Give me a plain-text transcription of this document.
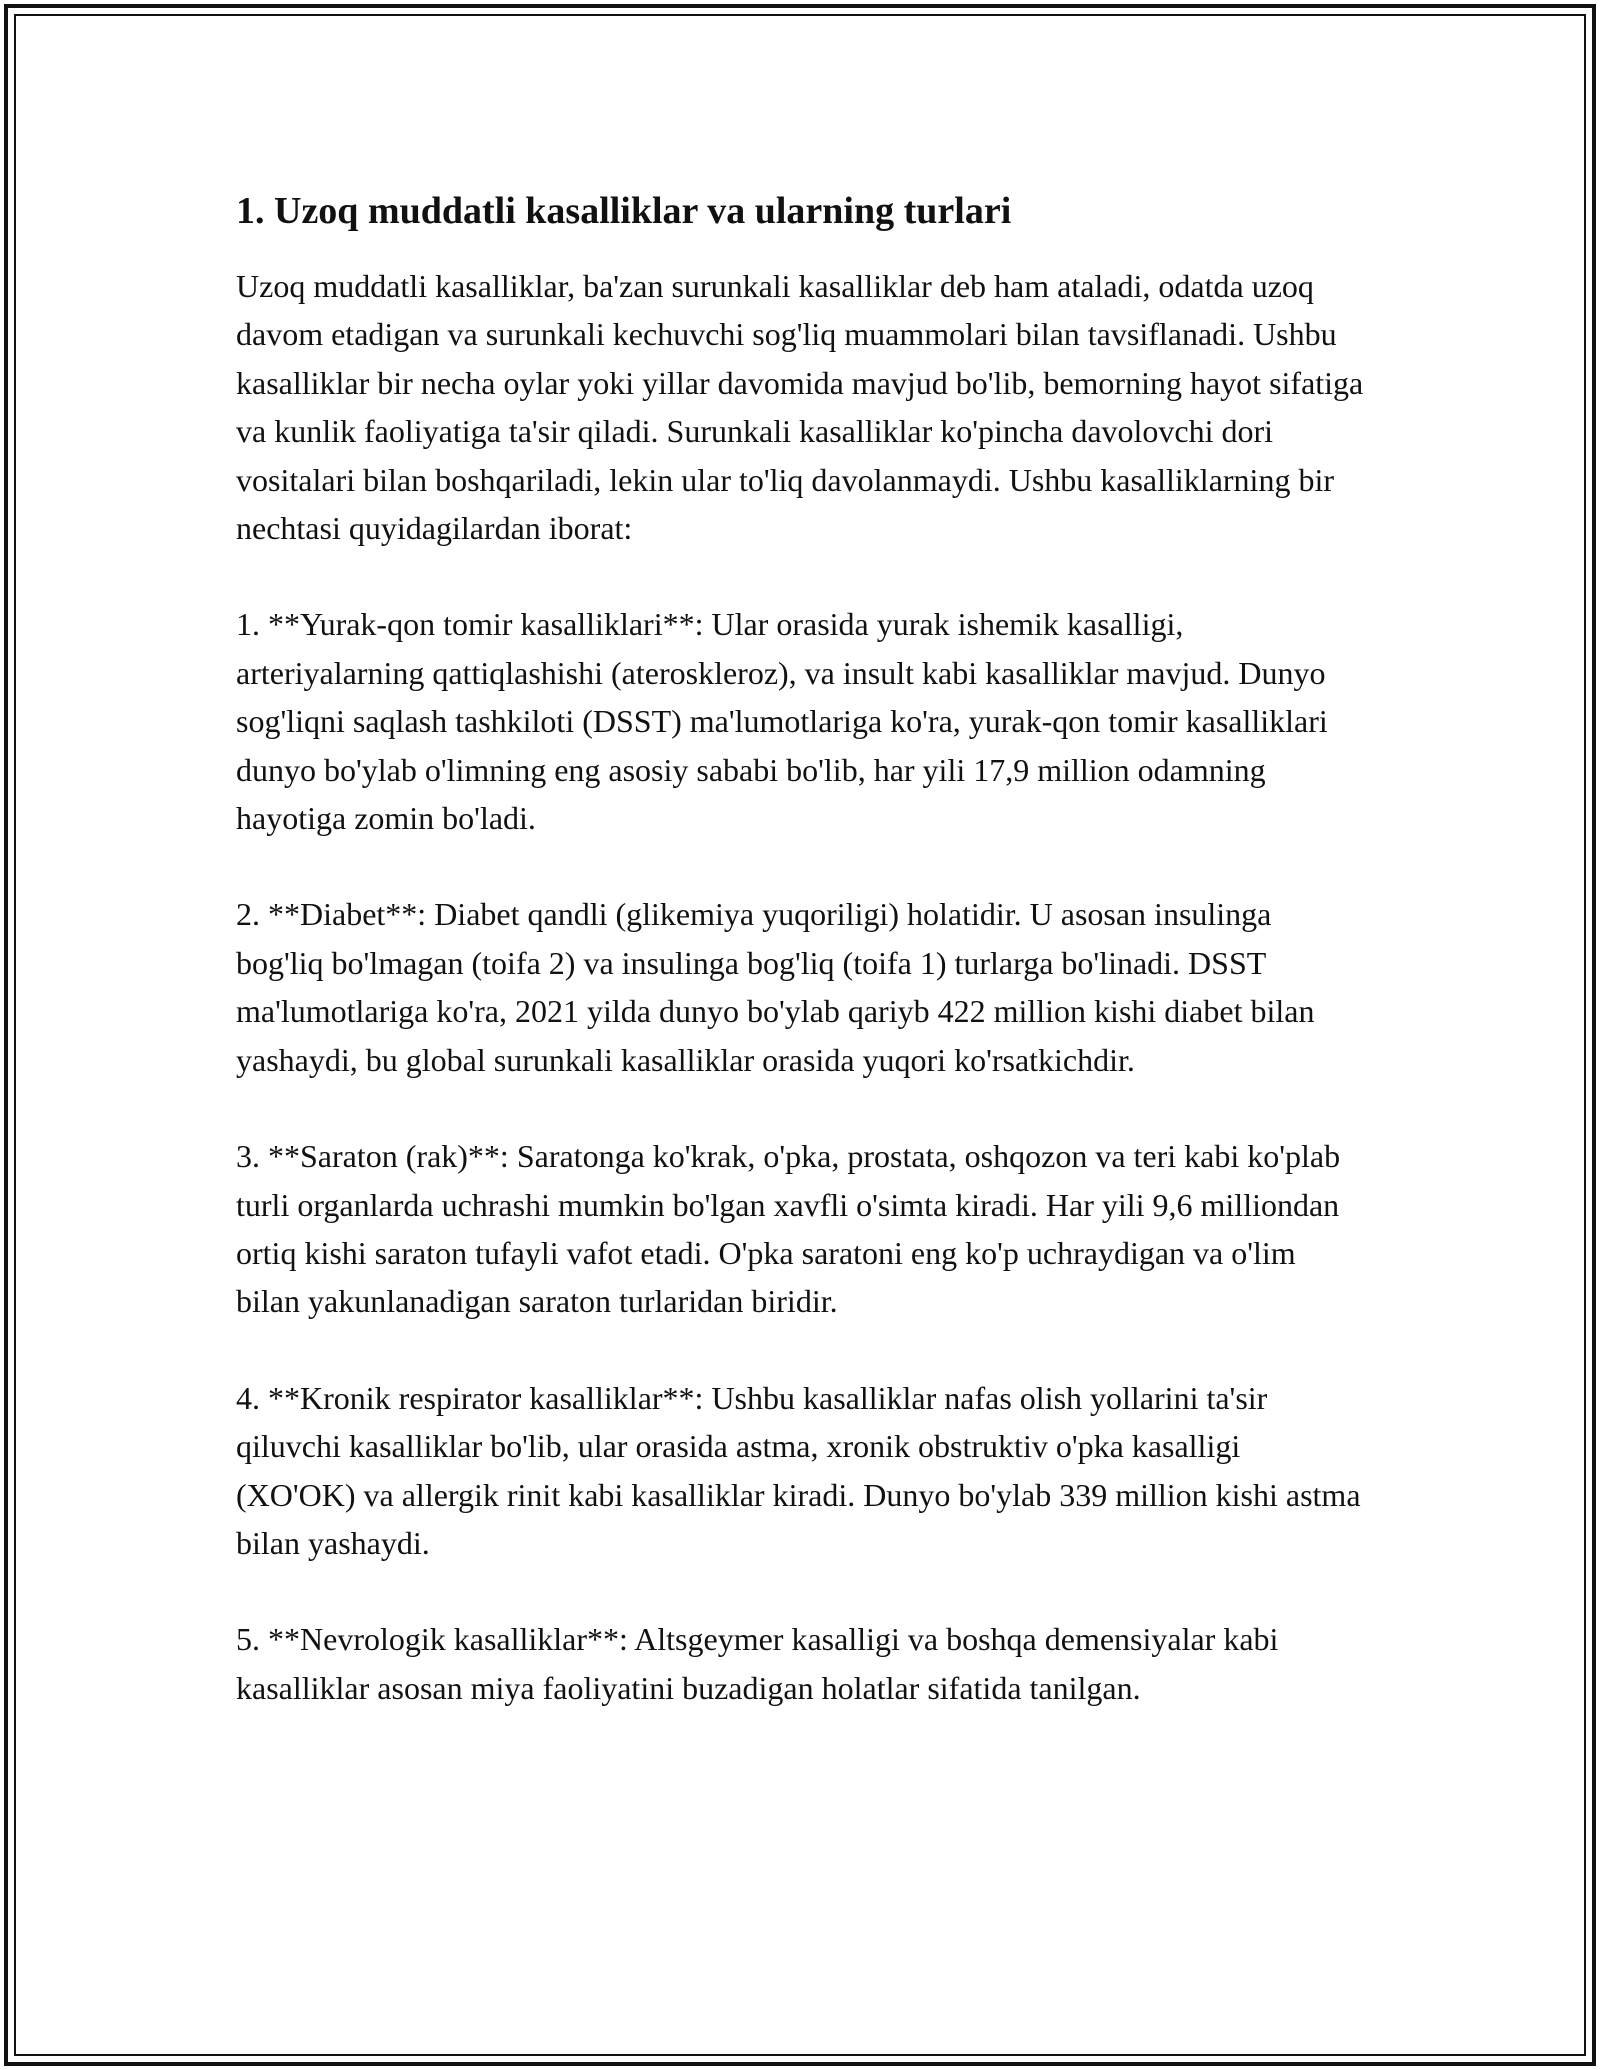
1. Uzoq muddatli kasalliklar va ularning turlari

Uzoq muddatli kasalliklar, ba'zan surunkali kasalliklar deb ham ataladi, odatda uzoq davom etadigan va surunkali kechuvchi sog'liq muammolari bilan tavsiflanadi. Ushbu kasalliklar bir necha oylar yoki yillar davomida mavjud bo'lib, bemorning hayot sifatiga va kunlik faoliyatiga ta'sir qiladi. Surunkali kasalliklar ko'pincha davolovchi dori vositalari bilan boshqariladi, lekin ular to'liq davolanmaydi. Ushbu kasalliklarning bir nechtasi quyidagilardan iborat:

1. **Yurak-qon tomir kasalliklari**: Ular orasida yurak ishemik kasalligi, arteriyalarning qattiqlashishi (ateroskleroz), va insult kabi kasalliklar mavjud. Dunyo sog'liqni saqlash tashkiloti (DSST) ma'lumotlariga ko'ra, yurak-qon tomir kasalliklari dunyo bo'ylab o'limning eng asosiy sababi bo'lib, har yili 17,9 million odamning hayotiga zomin bo'ladi.

2. **Diabet**: Diabet qandli (glikemiya yuqoriligi) holatidir. U asosan insulinga bog'liq bo'lmagan (toifa 2) va insulinga bog'liq (toifa 1) turlarga bo'linadi. DSST ma'lumotlariga ko'ra, 2021 yilda dunyo bo'ylab qariyb 422 million kishi diabet bilan yashaydi, bu global surunkali kasalliklar orasida yuqori ko'rsatkichdir.

3. **Saraton (rak)**: Saratonga ko'krak, o'pka, prostata, oshqozon va teri kabi ko'plab turli organlarda uchrashi mumkin bo'lgan xavfli o'simta kiradi. Har yili 9,6 milliondan ortiq kishi saraton tufayli vafot etadi. O'pka saratoni eng ko'p uchraydigan va o'lim bilan yakunlanadigan saraton turlaridan biridir.

4. **Kronik respirator kasalliklar**: Ushbu kasalliklar nafas olish yollarini ta'sir qiluvchi kasalliklar bo'lib, ular orasida astma, xronik obstruktiv o'pka kasalligi (XO'OK) va allergik rinit kabi kasalliklar kiradi. Dunyo bo'ylab 339 million kishi astma bilan yashaydi.

5. **Nevrologik kasalliklar**: Altsgeymer kasalligi va boshqa demensiyalar kabi kasalliklar asosan miya faoliyatini buzadigan holatlar sifatida tanilgan.
